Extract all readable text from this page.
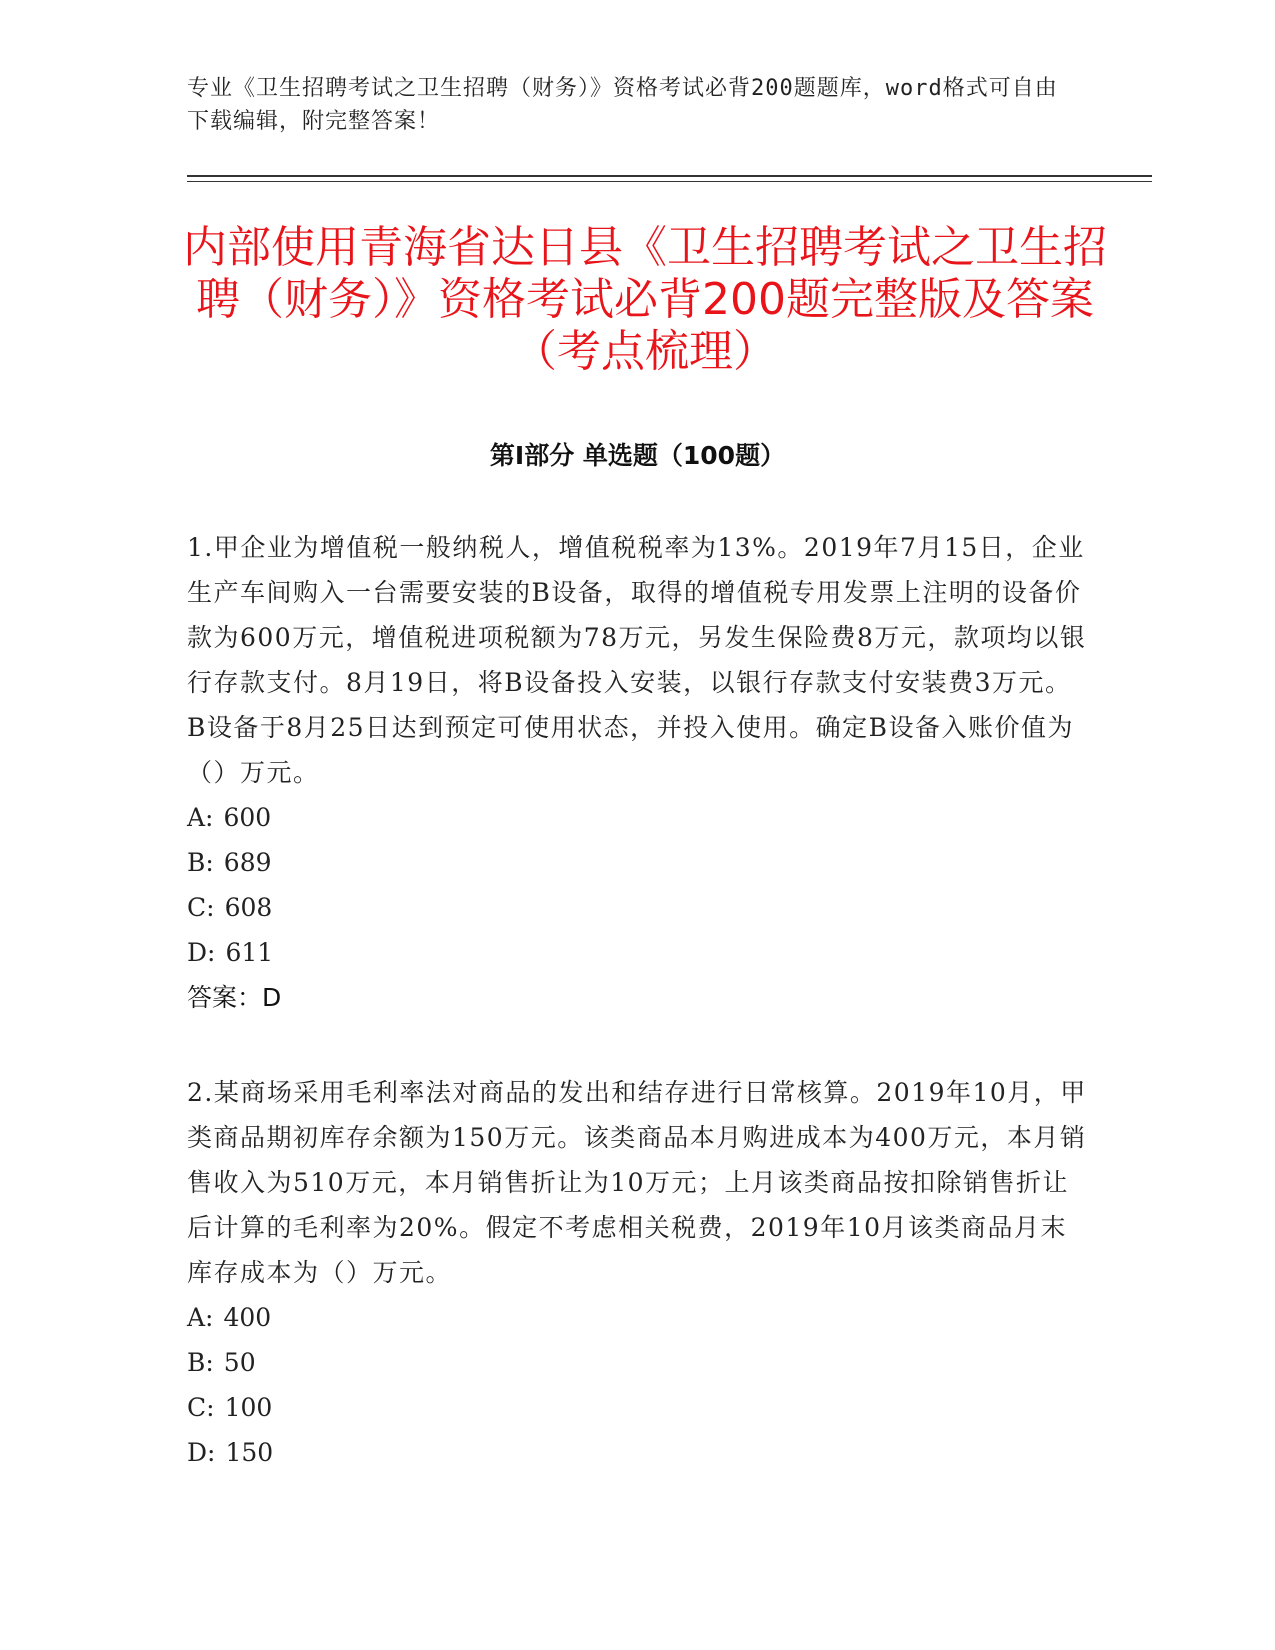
专业《卫生招聘考试之卫生招聘（财务）》资格考试必背200题题库，word格式可自由下载编辑，附完整答案！

内部使用青海省达日县《卫生招聘考试之卫生招聘（财务）》资格考试必背200题完整版及答案（考点梳理）
第Ⅰ部分 单选题（100题）

1.甲企业为增值税一般纳税人，增值税税率为13%。2019年7月15日，企业生产车间购入一台需要安装的B设备，取得的增值税专用发票上注明的设备价款为600万元，增值税进项税额为78万元，另发生保险费8万元，款项均以银行存款支付。8月19日，将B设备投入安装，以银行存款支付安装费3万元。B设备于8月25日达到预定可使用状态，并投入使用。确定B设备入账价值为（）万元。

A: 600
B: 689
C: 608
D: 611

答案：D

2.某商场采用毛利率法对商品的发出和结存进行日常核算。2019年10月，甲类商品期初库存余额为150万元。该类商品本月购进成本为400万元，本月销售收入为510万元，本月销售折让为10万元；上月该类商品按扣除销售折让后计算的毛利率为20%。假定不考虑相关税费，2019年10月该类商品月末库存成本为（）万元。

A: 400
B: 50
C: 100
D: 150
